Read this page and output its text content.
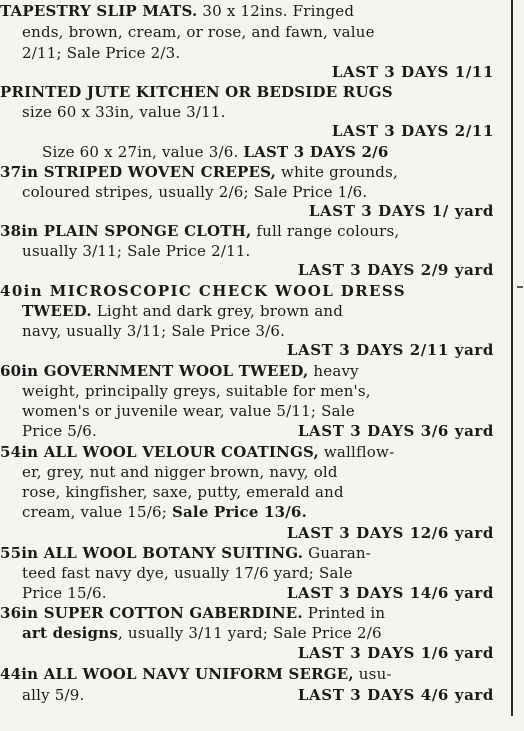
TAPESTRY SLIP MATS. 30 x 12ins. Fringed
ends, brown, cream, or rose, and fawn, value
2/11; Sale Price 2/3.
LAST 3 DAYS 1/11
PRINTED JUTE KITCHEN OR BEDSIDE RUGS
size 60 x 33in, value 3/11.
LAST 3 DAYS 2/11
Size 60 x 27in, value 3/6. LAST 3 DAYS 2/6
37in STRIPED WOVEN CREPES, white grounds,
coloured stripes, usually 2/6; Sale Price 1/6.
LAST 3 DAYS 1/ yard
38in PLAIN SPONGE CLOTH, full range colours,
usually 3/11; Sale Price 2/11.
LAST 3 DAYS 2/9 yard
40in MICROSCOPIC CHECK WOOL DRESS
TWEED. Light and dark grey, brown and
navy, usually 3/11; Sale Price 3/6.
LAST 3 DAYS 2/11 yard
60in GOVERNMENT WOOL TWEED, heavy
weight, principally greys, suitable for men's,
women's or juvenile wear, value 5/11; Sale
Price 5/6.	LAST 3 DAYS 3/6 yard
54in ALL WOOL VELOUR COATINGS, wallflow-
er, grey, nut and nigger brown, navy, old
rose, kingfisher, saxe, putty, emerald and
cream, value 15/6; Sale Price 13/6.
LAST 3 DAYS 12/6 yard
55in ALL WOOL BOTANY SUITING. Guaran-
teed fast navy dye, usually 17/6 yard; Sale
Price 15/6.	LAST 3 DAYS 14/6 yard
36in SUPER COTTON GABERDINE. Printed in
art designs, usually 3/11 yard; Sale Price 2/6
LAST 3 DAYS 1/6 yard
44in ALL WOOL NAVY UNIFORM SERGE, usu-
ally 5/9.	LAST 3 DAYS 4/6 yard
